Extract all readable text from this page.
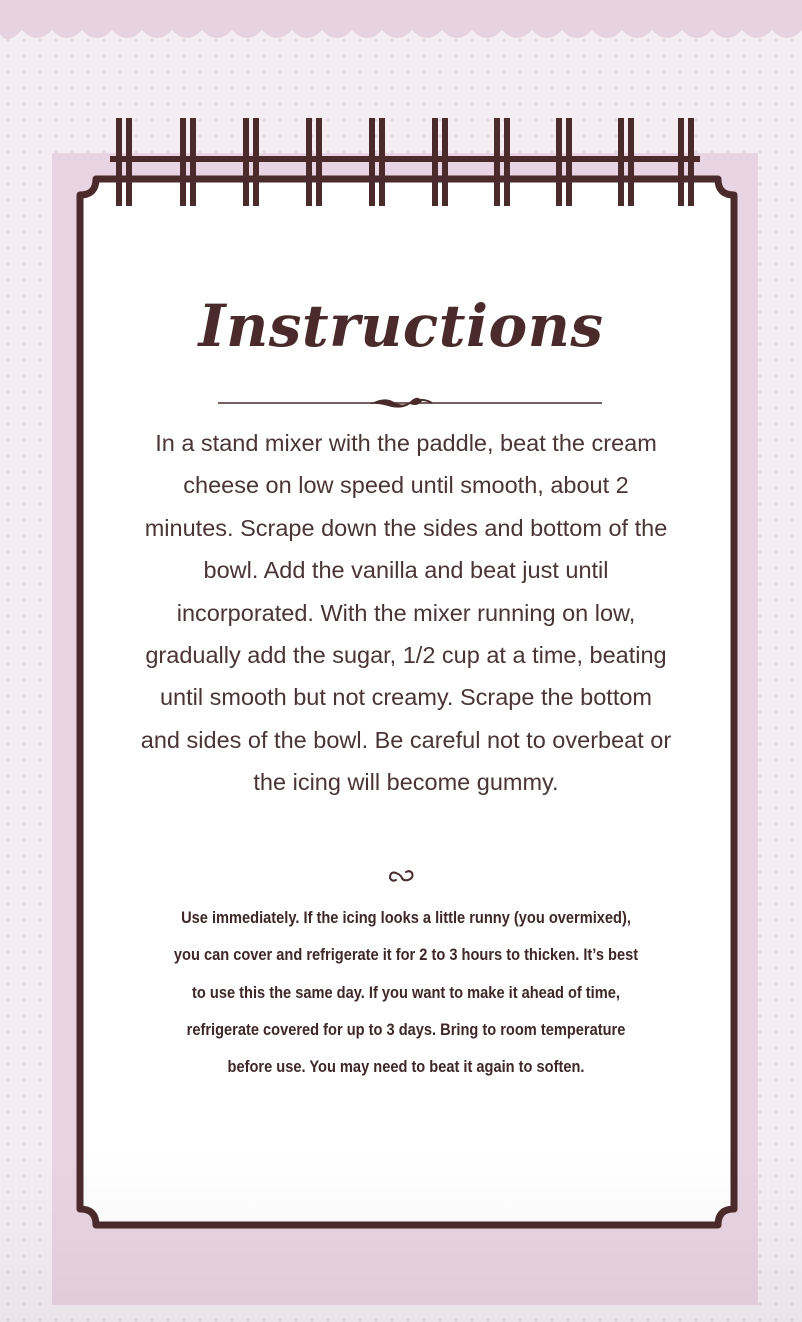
Instructions
In a stand mixer with the paddle, beat the cream cheese on low speed until smooth, about 2 minutes. Scrape down the sides and bottom of the bowl. Add the vanilla and beat just until incorporated. With the mixer running on low, gradually add the sugar, 1/2 cup at a time, beating until smooth but not creamy. Scrape the bottom and sides of the bowl. Be careful not to overbeat or the icing will become gummy.
Use immediately. If the icing looks a little runny (you overmixed), you can cover and refrigerate it for 2 to 3 hours to thicken. It’s best to use this the same day. If you want to make it ahead of time, refrigerate covered for up to 3 days. Bring to room temperature before use. You may need to beat it again to soften.
